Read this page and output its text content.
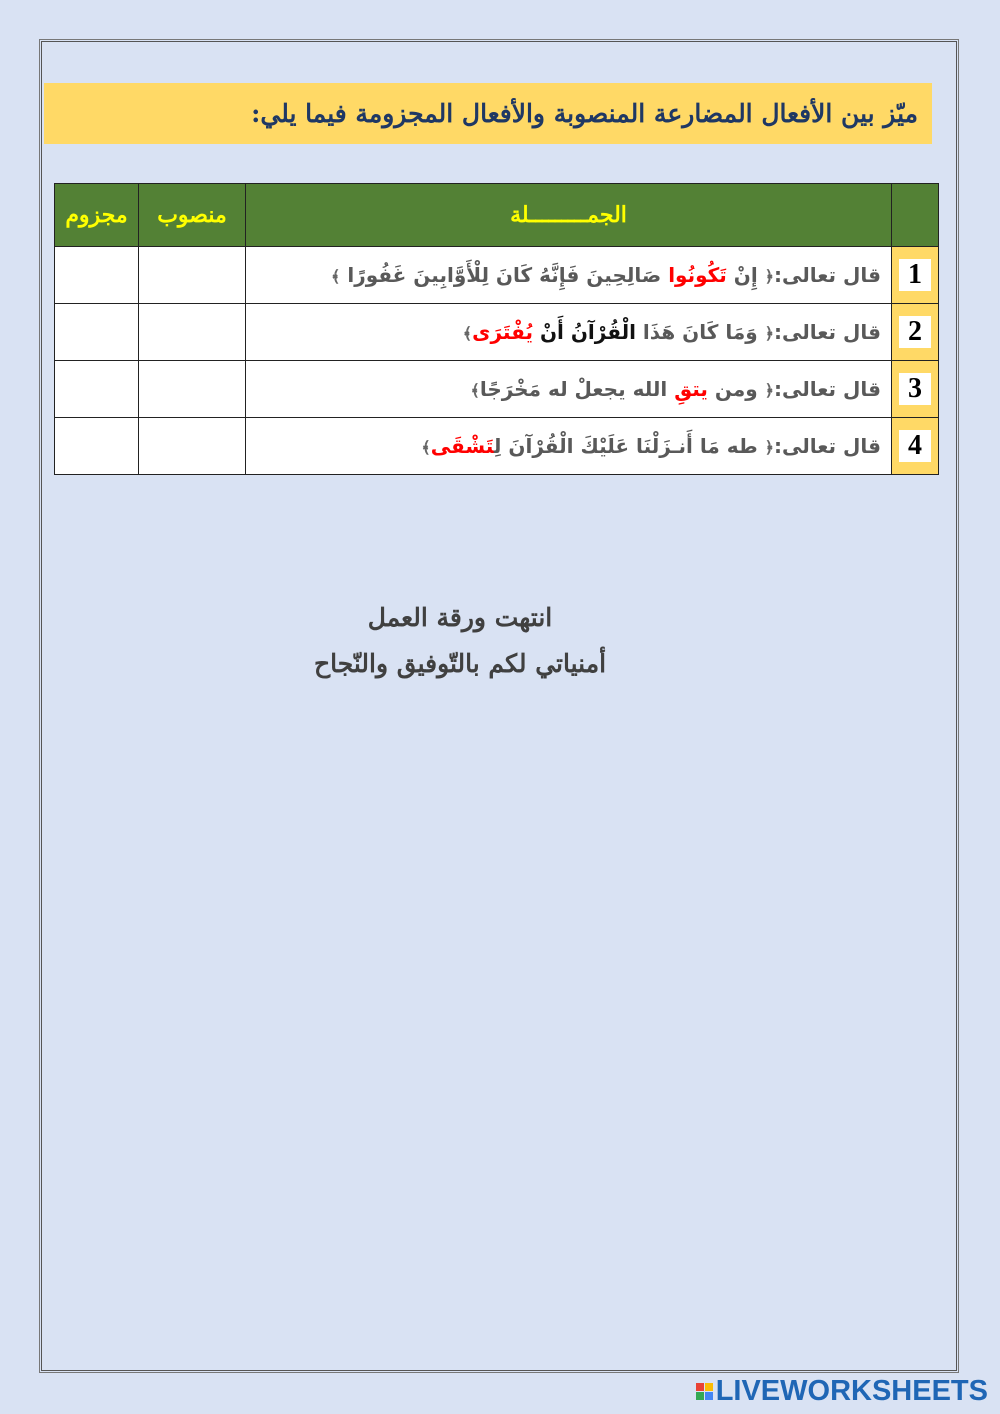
ميّز بين الأفعال المضارعة المنصوبة والأفعال المجزومة فيما يلي:
	الجمـــــــــلة	منصوب	مجزوم
1	قال تعالى:﴿ إِنْ تَكُونُوا صَالِحِينَ فَإِنَّهُ كَانَ لِلْأَوَّابِينَ غَفُورًا ﴾		
2	قال تعالى:﴿ وَمَا كَانَ هَذَا الْقُرْآنُ أَنْ يُفْتَرَى﴾		
3	قال تعالى:﴿ ومن يتقِ الله يجعلْ له مَخْرَجًا﴾		
4	قال تعالى:﴿ طه مَا أَنـزَلْنَا عَلَيْكَ الْقُرْآنَ لِتَشْقَى﴾		
انتهت ورقة العمل
أمنياتي لكم بالتّوفيق والنّجاح
LIVEWORKSHEETS
